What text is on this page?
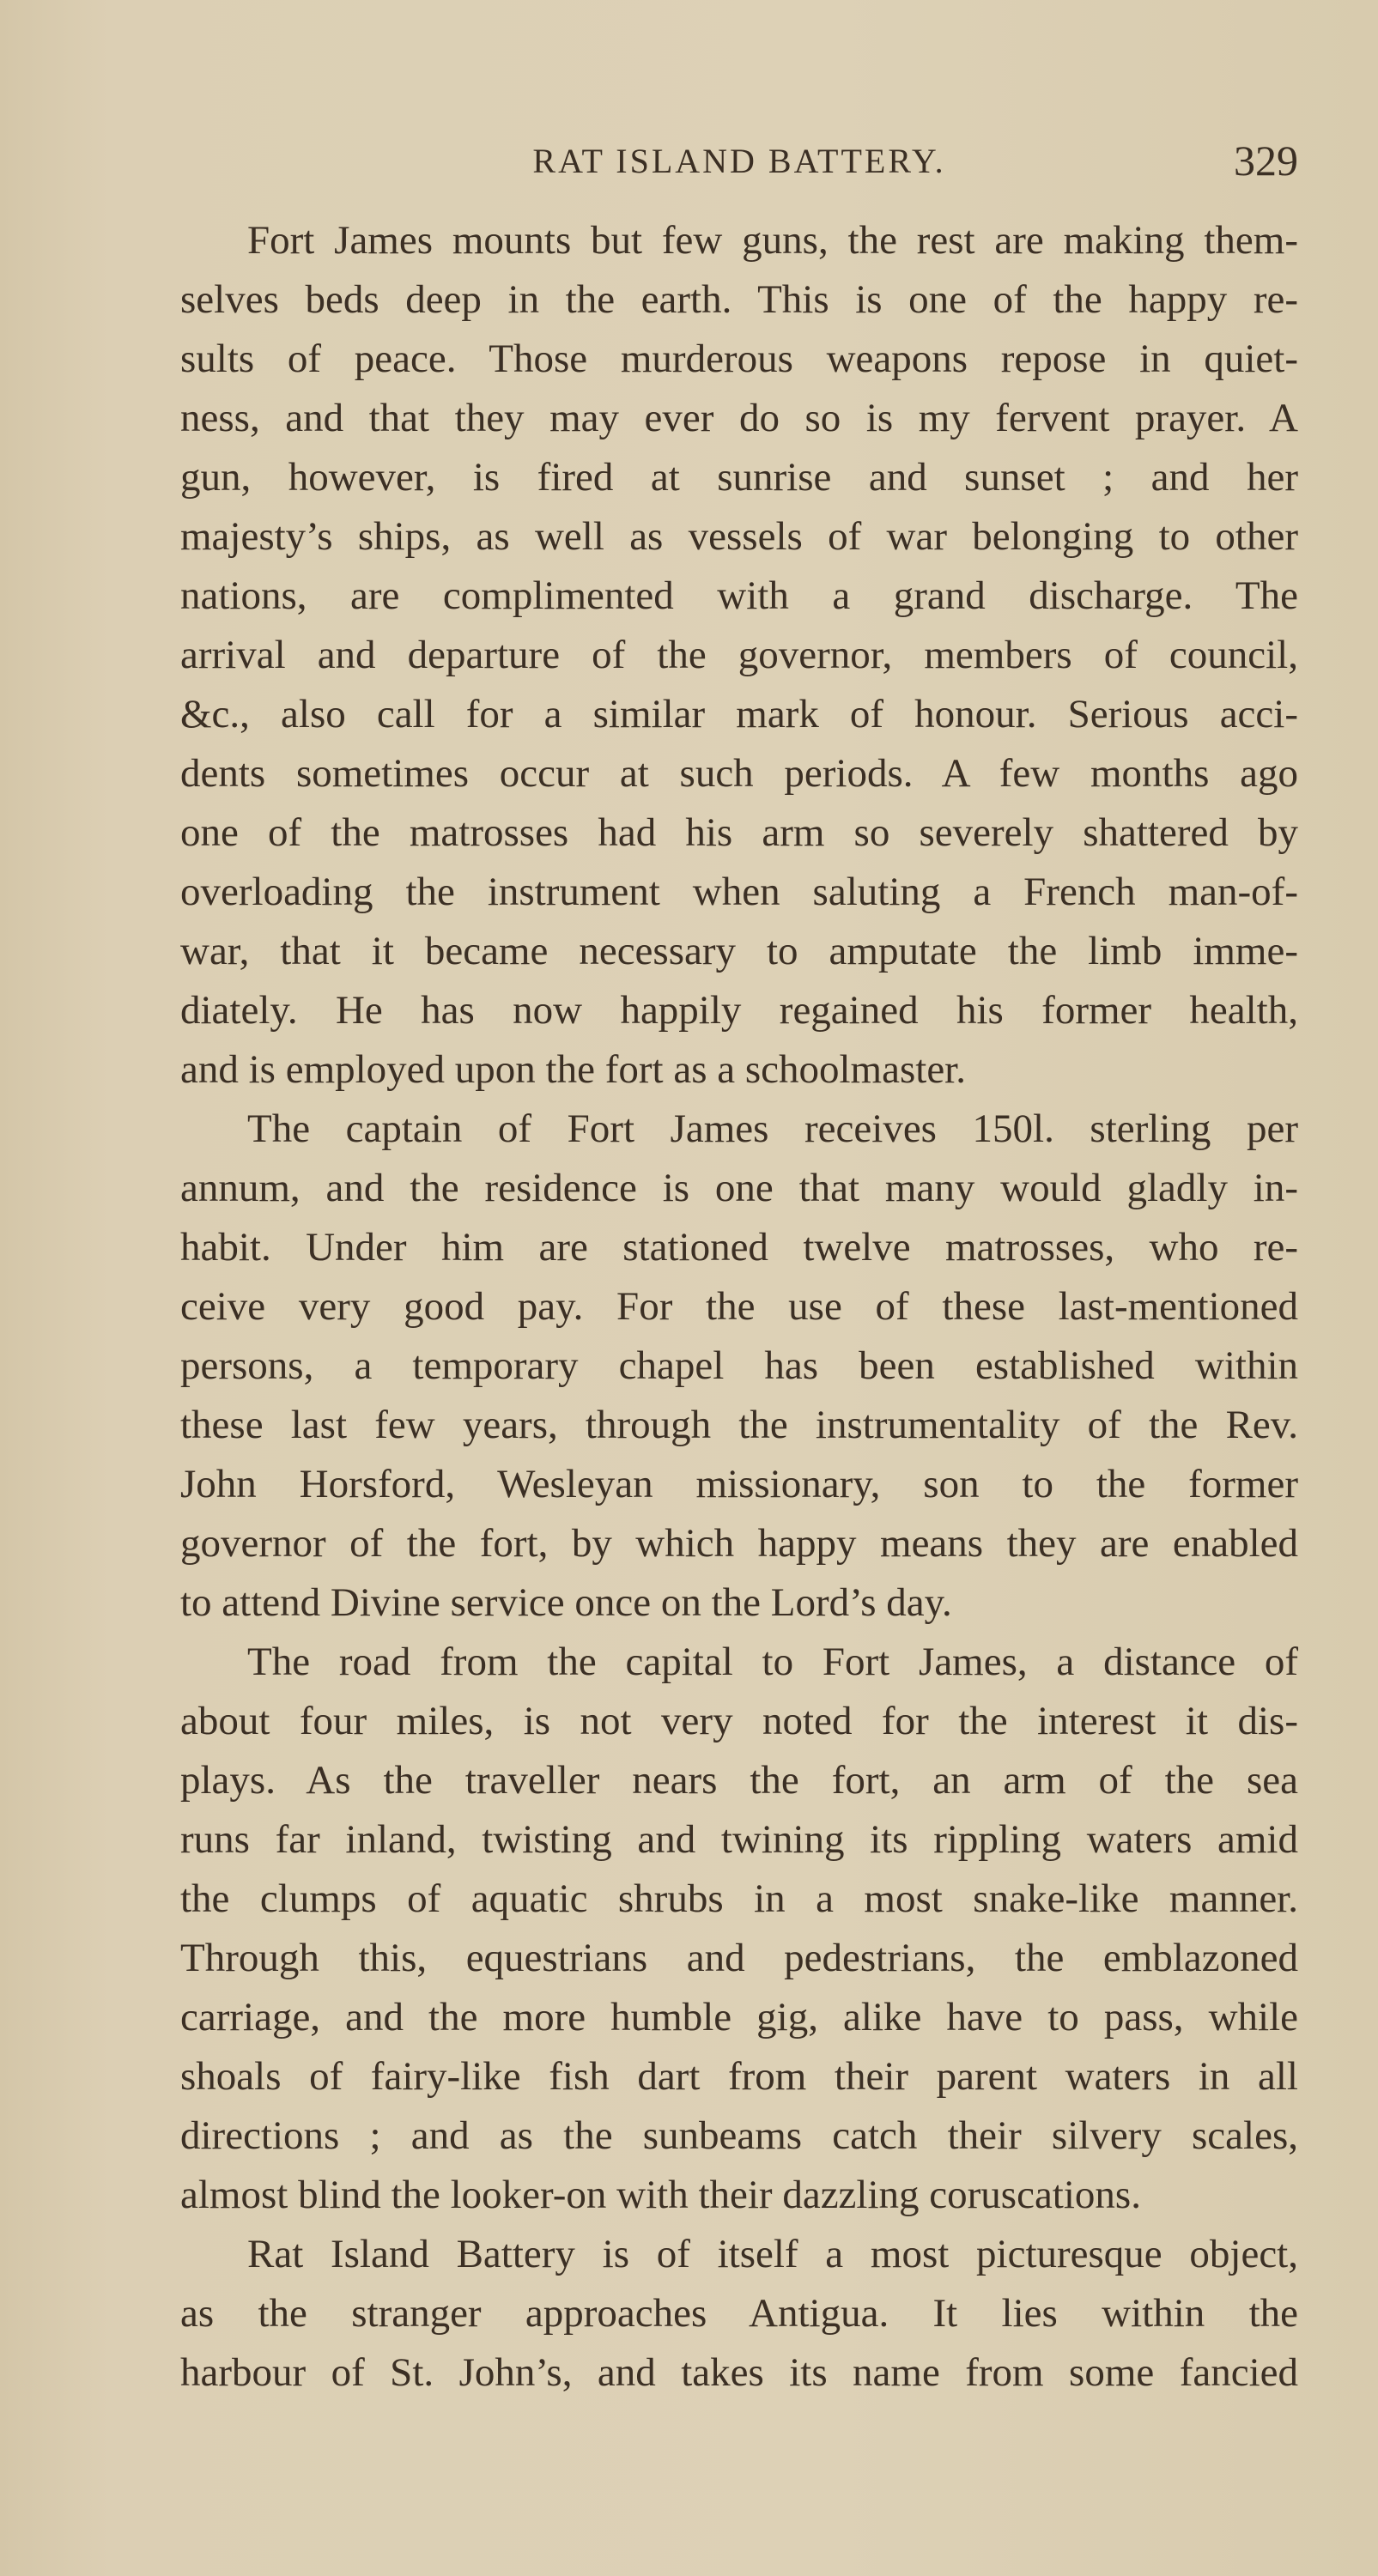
RAT ISLAND BATTERY.	329
Fort James mounts but few guns, the rest are making them-
selves beds deep in the earth. This is one of the happy re-
sults of peace. Those murderous weapons repose in quiet-
ness, and that they may ever do so is my fervent prayer. A
gun, however, is fired at sunrise and sunset ; and her
majesty’s ships, as well as vessels of war belonging to other
nations, are complimented with a grand discharge. The
arrival and departure of the governor, members of council,
&c., also call for a similar mark of honour. Serious acci-
dents sometimes occur at such periods. A few months ago
one of the matrosses had his arm so severely shattered by
overloading the instrument when saluting a French man-of-
war, that it became necessary to amputate the limb imme-
diately. He has now happily regained his former health,
and is employed upon the fort as a schoolmaster.
The captain of Fort James receives 150l. sterling per
annum, and the residence is one that many would gladly in-
habit. Under him are stationed twelve matrosses, who re-
ceive very good pay. For the use of these last-mentioned
persons, a temporary chapel has been established within
these last few years, through the instrumentality of the Rev.
John Horsford, Wesleyan missionary, son to the former
governor of the fort, by which happy means they are enabled
to attend Divine service once on the Lord’s day.
The road from the capital to Fort James, a distance of
about four miles, is not very noted for the interest it dis-
plays. As the traveller nears the fort, an arm of the sea
runs far inland, twisting and twining its rippling waters amid
the clumps of aquatic shrubs in a most snake-like manner.
Through this, equestrians and pedestrians, the emblazoned
carriage, and the more humble gig, alike have to pass, while
shoals of fairy-like fish dart from their parent waters in all
directions ; and as the sunbeams catch their silvery scales,
almost blind the looker-on with their dazzling coruscations.
Rat Island Battery is of itself a most picturesque object,
as the stranger approaches Antigua. It lies within the
harbour of St. John’s, and takes its name from some fancied
